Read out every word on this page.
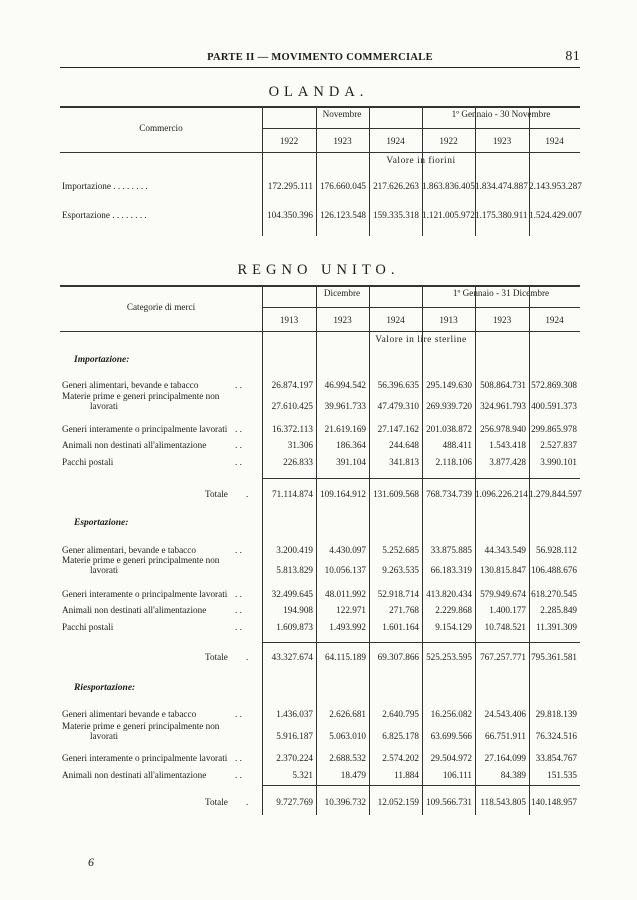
PARTE II — MOVIMENTO COMMERCIALE	81
OLANDA.
REGNO UNITO.
6
Commercio
Novembre	1º Gennaio - 30 Novembre
1922	1923	1924	1922	1923	1924
Valore in fiorini
Importazione . . . . . . . .	172.295.111 176.660.045 217.626.263 1.863.836.405 1.834.474.887 2.143.953.287
Esportazione . . . . . . . .	104.350.396 126.123.548 159.335.318 1.121.005.972 1.175.380.911 1.524.429.007
Categorie di merci
Dicembre	1º Gennaio - 31 Dicembre
1913	1923	1924	1913	1923	1924
Valore in lire sterline
Importazione:
Generi alimentari, bevande e tabacco	. .	26.874.197	46.994.542	56.396.635 295.149.630 508.864.731 572.869.308
Materie prime e generi principalmente non
lavorati	27.610.425	39.961.733	47.479.310 269.939.720 324.961.793 400.591.373
Generi interamente o principalmente lavorati . .	16.372.113	21.619.169	27.147.162 201.038.872 256.978.940 299.865.978
Animali non destinati all'alimentazione	. .	31.306	186.364	244.648	488.411	1.543.418	2.527.837
Pacchi postali	. .	226.833	391.104	341.813	2.118.106	3.877.428	3.990.101
Totale .	71.114.874 109.164.912 131.609.568 768.734.739 1.096.226.214 1.279.844.597
Esportazione:
Gener alimentari, bevande e tabacco	. .	3.200.419	4.430.097	5.252.685	33.875.885	44.343.549	56.928.112
Materie prime e generi principalmente non
lavorati	5.813.829	10.056.137	9.263.535	66.183.319 130.815.847 106.488.676
Generi interamente o principalmente lavorati . .	32.499.645	48.011.992	52.918.714 413.820.434 579.949.674 618.270.545
Animali non destinati all'alimentazione	. .	194.908	122.971	271.768	2.229.868	1.400.177	2.285.849
Pacchi postali	. .	1.609.873	1.493.992	1.601.164	9.154.129	10.748.521	11.391.309
Totale .	43.327.674	64.115.189	69.307.866 525.253.595 767.257.771 795.361.581
Riesportazione:
Generi alimentari bevande e tabacco	. .	1.436.037	2.626.681	2.640.795	16.256.082	24.543.406	29.818.139
Materie prime e generi principalmente non
lavorati	5.916.187	5.063.010	6.825.178	63.699.566	66.751.911	76.324.516
Generi interamente o principalmente lavorati . .	2.370.224	2.688.532	2.574.202	29.504.972	27.164.099	33.854.767
Animali non destinati all'alimentazione	. .	5.321	18.479	11.884	106.111	84.389	151.535
Totale .	9.727.769	10.396.732	12.052.159 109.566.731 118.543.805 140.148.957
